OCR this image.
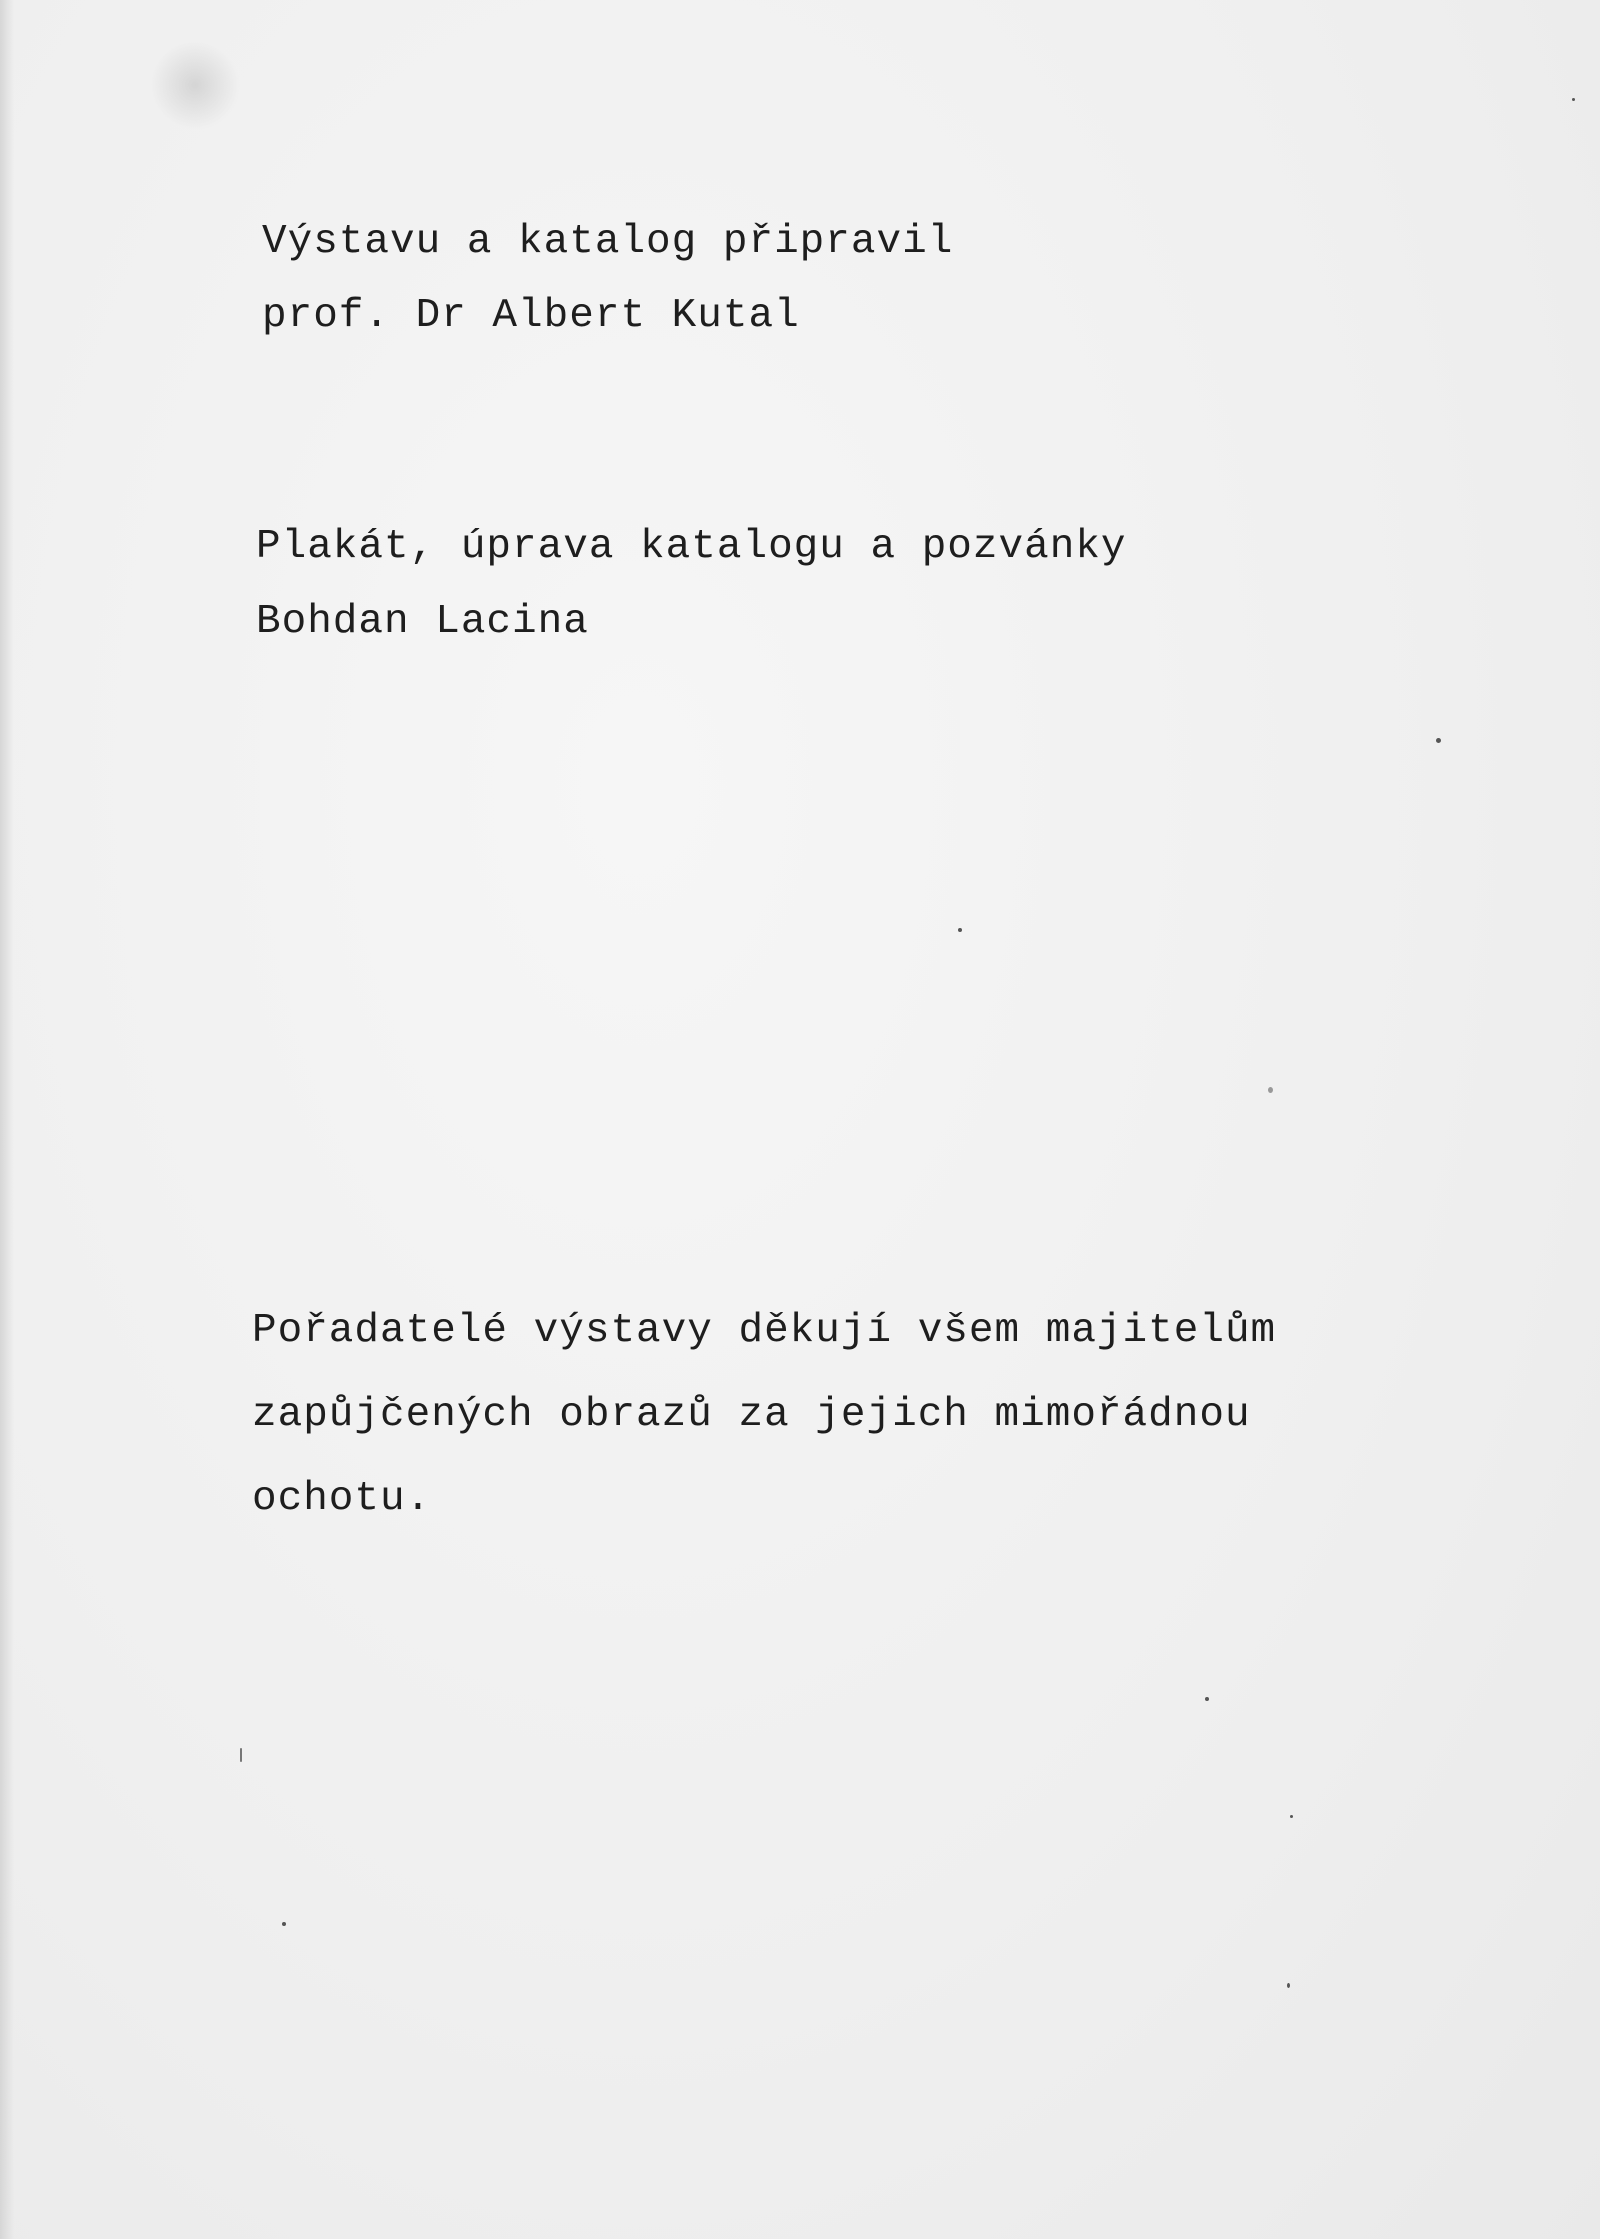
Výstavu a katalog připravil
prof. Dr Albert Kutal
Plakát, úprava katalogu a pozvánky
Bohdan Lacina
Pořadatelé výstavy děkují všem majitelům
zapůjčených obrazů za jejich mimořádnou
ochotu.
